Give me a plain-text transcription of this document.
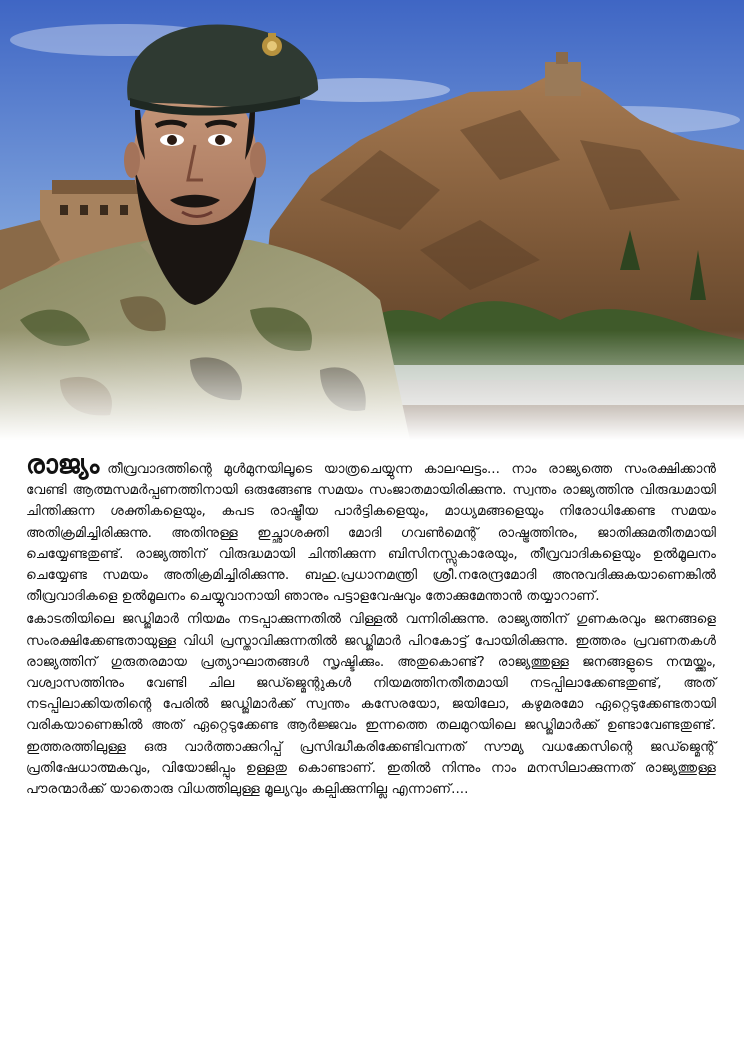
രാജ്യം തീവ്രവാദത്തിന്റെ മുൾമുനയിലൂടെ യാത്രചെയ്യുന്ന കാലഘട്ടം... നാം രാജ്യത്തെ സംരക്ഷിക്കാൻ വേണ്ടി ആത്മസമർപ്പണത്തിനായി ഒരുങ്ങേണ്ട സമയം സംജാതമായിരിക്കുന്നു. സ്വന്തം രാജ്യത്തിനു വിരുദ്ധമായി ചിന്തിക്കുന്ന ശക്തികളെയും, കപട രാഷ്ട്രീയ പാർട്ടികളെയും, മാധ്യമങ്ങളെയും നിരോധിക്കേണ്ട സമയം അതിക്രമിച്ചിരിക്കുന്നു. അതിനുള്ള ഇച്ഛാശക്തി മോദി ഗവൺമെന്റ് രാഷ്ട്രത്തിനും, ജാതിക്കുമതീതമായി ചെയ്യേണ്ടതുണ്ട്. രാജ്യത്തിന് വിരുദ്ധമായി ചിന്തിക്കുന്ന ബിസിനസ്സുകാരേയും, തീവ്രവാദികളെയും ഉൽമൂലനം ചെയ്യേണ്ട സമയം അതിക്രമിച്ചിരിക്കുന്നു. ബഹു.പ്രധാനമന്ത്രി ശ്രീ.നരേന്ദ്രമോദി അനുവദിക്കുകയാണെങ്കിൽ തീവ്രവാദികളെ ഉൽമൂലനം ചെയ്യുവാനായി ഞാനും പട്ടാളവേഷവും തോക്കുമേന്താൻ തയ്യാറാണ്.

കോടതിയിലെ ജഡ്ജിമാർ നിയമം നടപ്പാക്കുന്നതിൽ വിള്ളൽ വന്നിരിക്കുന്നു. രാജ്യത്തിന് ഗുണകരവും ജനങ്ങളെ സംരക്ഷിക്കേണ്ടതായുള്ള വിധി പ്രസ്താവിക്കുന്നതിൽ ജഡ്ജിമാർ പിറകോട്ട് പോയിരിക്കുന്നു. ഇത്തരം പ്രവണതകൾ രാജ്യത്തിന് ഗുരുതരമായ പ്രത്യാഘാതങ്ങൾ സൃഷ്ടിക്കും. അതുകൊണ്ട്? രാജ്യത്തുള്ള ജനങ്ങളുടെ നന്മയ്ക്കും, വശ്വാസത്തിനും വേണ്ടി ചില ജഡ്ജ്മെന്റുകൾ നിയമത്തിനതീതമായി നടപ്പിലാക്കേണ്ടതുണ്ട്, അത് നടപ്പിലാക്കിയതിന്റെ പേരിൽ ജഡ്ജിമാർക്ക് സ്വന്തം കസേരയോ, ജയിലോ, കഴുമരമോ ഏറ്റെടുക്കേണ്ടതായി വരികയാണെങ്കിൽ അത് ഏറ്റെടുക്കേണ്ട ആർജ്ജവം ഇന്നത്തെ തലമുറയിലെ ജഡ്ജിമാർക്ക് ഉണ്ടാവേണ്ടതുണ്ട്. ഇത്തരത്തിലുള്ള ഒരു വാർത്താക്കുറിപ്പ് പ്രസിദ്ധീകരിക്കേണ്ടിവന്നത് സൗമ്യ വധക്കേസിന്റെ ജഡ്ജ്മെന്റ് പ്രതിഷേധാത്മകവും, വിയോജിപ്പും ഉള്ളതു കൊണ്ടാണ്. ഇതിൽ നിന്നും നാം മനസിലാക്കുന്നത് രാജ്യത്തുള്ള പൗരന്മാർക്ക് യാതൊരു വിധത്തിലുള്ള മൂല്യവും കല്പിക്കുന്നില്ല എന്നാണ്....
